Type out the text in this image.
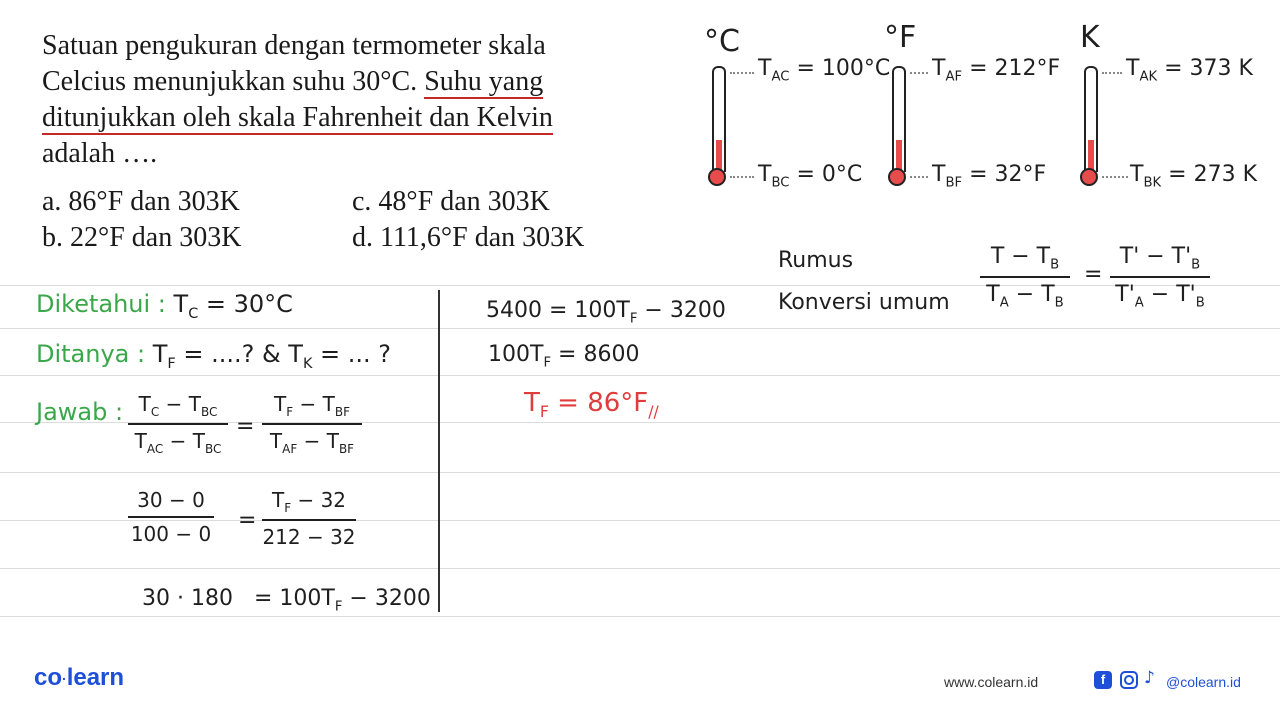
Satuan pengukuran dengan termometer skala
Celcius menunjukkan suhu 30°C. Suhu yang
ditunjukkan oleh skala Fahrenheit dan Kelvin
adalah ….
a. 86°F dan 303K
b. 22°F dan 303K
c. 48°F dan 303K
d. 111,6°F dan 303K
°C
$T_{AC} = 100^\circ C$
$T_{BC} = 0^\circ C$
°F
$T_{AF} = 212^\circ F$
$T_{BF} = 32^\circ F$
K
$T_{AK} = 373$ K
$T_{BK} = 273$ K
Rumus
Konversi umum
$T - T_B$
$T_A - T_B$
=
$T' - T'_B$
$T'_A - T'_B$
Diketahui : $T_C = 30^\circ C$
Ditanya : $T_F$ = ....? & $T_K$ = ... ?
Jawab : $T_C - T_{BC}$
$T_{AC} - T_{BC}$
=
$T_F - T_{BF}$
$T_{AF} - T_{BF}$
30 − 0
100 − 0
=
$T_F - 32$
212 − 32
$30 \cdot 180 = 100T_F - 3200$
$5400 = 100T_F - 3200$
$100T_F = 8600$
$T_F = 86^\circ F_{//}$
co·learn	www.colearn.id	f	♪ @colearn.id
